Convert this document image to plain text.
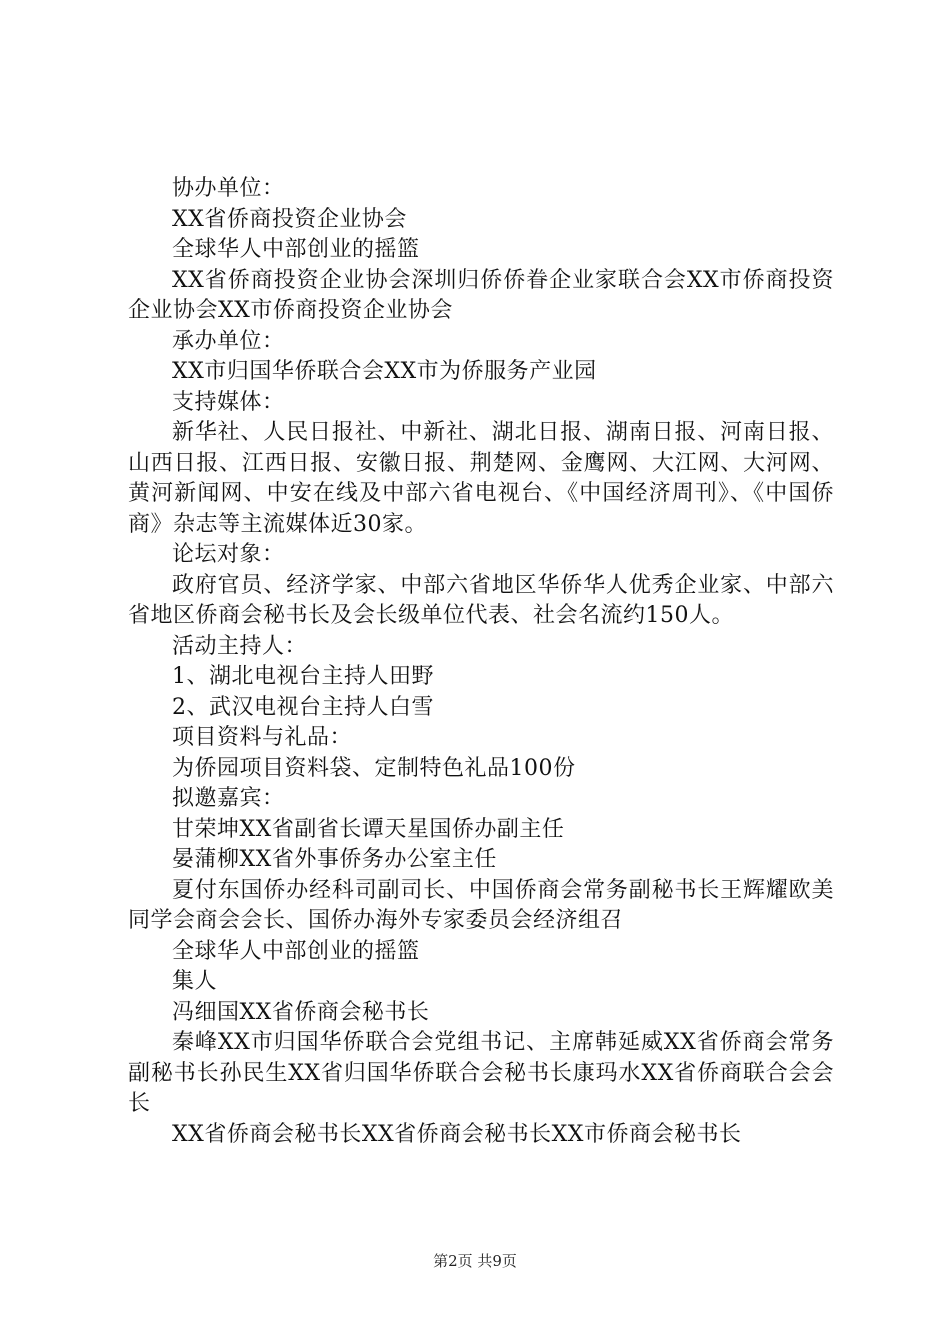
协办单位：

XX省侨商投资企业协会

全球华人中部创业的摇篮

XX省侨商投资企业协会深圳归侨侨眷企业家联合会XX市侨商投资企业协会XX市侨商投资企业协会

承办单位：

XX市归国华侨联合会XX市为侨服务产业园

支持媒体：

新华社、人民日报社、中新社、湖北日报、湖南日报、河南日报、山西日报、江西日报、安徽日报、荆楚网、金鹰网、大江网、大河网、黄河新闻网、中安在线及中部六省电视台、《中国经济周刊》、《中国侨商》杂志等主流媒体近30家。

论坛对象：

政府官员、经济学家、中部六省地区华侨华人优秀企业家、中部六省地区侨商会秘书长及会长级单位代表、社会名流约150人。

活动主持人：

1、湖北电视台主持人田野

2、武汉电视台主持人白雪

项目资料与礼品：

为侨园项目资料袋、定制特色礼品100份

拟邀嘉宾：

甘荣坤XX省副省长谭天星国侨办副主任

晏蒲柳XX省外事侨务办公室主任

夏付东国侨办经科司副司长、中国侨商会常务副秘书长王辉耀欧美同学会商会会长、国侨办海外专家委员会经济组召

全球华人中部创业的摇篮

集人

冯细国XX省侨商会秘书长

秦峰XX市归国华侨联合会党组书记、主席韩延威XX省侨商会常务副秘书长孙民生XX省归国华侨联合会秘书长康玛水XX省侨商联合会会长

XX省侨商会秘书长XX省侨商会秘书长XX市侨商会秘书长

第2页 共9页
